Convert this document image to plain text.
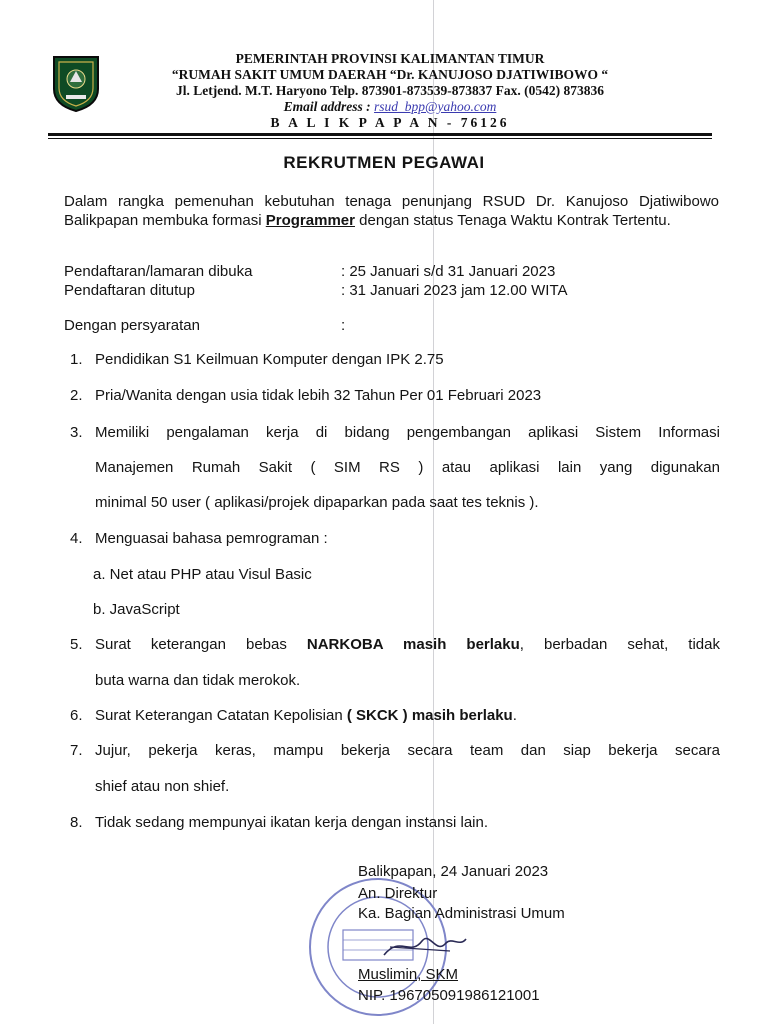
PEMERINTAH PROVINSI KALIMANTAN TIMUR
“RUMAH SAKIT UMUM DAERAH “Dr. KANUJOSO DJATIWIBOWO “
Jl. Letjend. M.T. Haryono Telp. 873901-873539-873837 Fax. (0542) 873836
Email address : rsud_bpp@yahoo.com
B A L I K P A P A N - 76126
REKRUTMEN PEGAWAI
Dalam rangka pemenuhan kebutuhan tenaga penunjang RSUD Dr. Kanujoso Djatiwibowo Balikpapan membuka formasi Programmer dengan status Tenaga Waktu Kontrak Tertentu.
Pendaftaran/lamaran dibuka	: 25 Januari s/d 31 Januari 2023
Pendaftaran ditutup	: 31 Januari 2023 jam 12.00 WITA
Dengan persyaratan	:
1. Pendidikan S1 Keilmuan Komputer dengan IPK 2.75
2. Pria/Wanita dengan usia tidak lebih 32 Tahun Per 01 Februari 2023
3. Memiliki pengalaman kerja di bidang pengembangan aplikasi Sistem Informasi
Manajemen Rumah Sakit ( SIM RS ) atau aplikasi lain yang digunakan
minimal 50 user ( aplikasi/projek dipaparkan pada saat tes teknis ).
4. Menguasai bahasa pemrograman :
a. Net atau PHP atau Visul Basic
b. JavaScript
5. Surat keterangan bebas NARKOBA masih berlaku, berbadan sehat, tidak
buta warna dan tidak merokok.
6. Surat Keterangan Catatan Kepolisian ( SKCK ) masih berlaku.
7. Jujur, pekerja keras, mampu bekerja secara team dan siap bekerja secara
shief atau non shief.
8. Tidak sedang mempunyai ikatan kerja dengan instansi lain.
Balikpapan, 24 Januari 2023
An. Direktur
Ka. Bagian Administrasi Umum
Muslimin, SKM
NIP. 196705091986121001
